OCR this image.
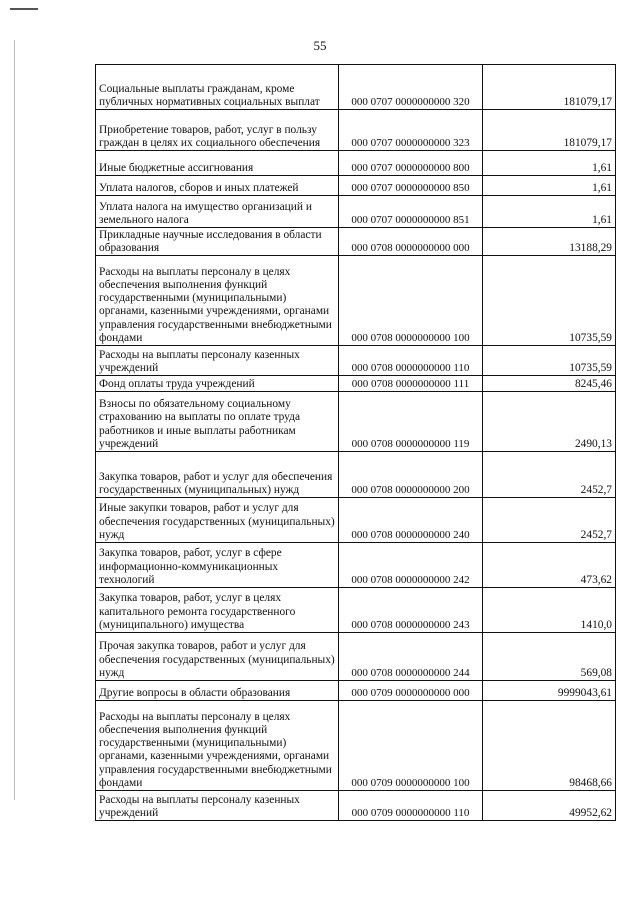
55
Социальные выплаты гражданам, кроме публичных нормативных социальных выплат	000 0707 0000000000 320	181079,17
Приобретение товаров, работ, услуг в пользу граждан в целях их социального обеспечения	000 0707 0000000000 323	181079,17
Иные бюджетные ассигнования	000 0707 0000000000 800	1,61
Уплата налогов, сборов и иных платежей	000 0707 0000000000 850	1,61
Уплата налога на имущество организаций и земельного налога	000 0707 0000000000 851	1,61
Прикладные научные исследования в области образования	000 0708 0000000000 000	13188,29
Расходы на выплаты персоналу в целях обеспечения выполнения функций государственными (муниципальными) органами, казенными учреждениями, органами управления государственными внебюджетными фондами	000 0708 0000000000 100	10735,59
Расходы на выплаты персоналу казенных учреждений	000 0708 0000000000 110	10735,59
Фонд оплаты труда учреждений	000 0708 0000000000 111	8245,46
Взносы по обязательному социальному страхованию на выплаты по оплате труда работников и иные выплаты работникам учреждений	000 0708 0000000000 119	2490,13
Закупка товаров, работ и услуг для обеспечения государственных (муниципальных) нужд	000 0708 0000000000 200	2452,7
Иные закупки товаров, работ и услуг для обеспечения государственных (муниципальных) нужд	000 0708 0000000000 240	2452,7
Закупка товаров, работ, услуг в сфере информационно-коммуникационных технологий	000 0708 0000000000 242	473,62
Закупка товаров, работ, услуг в целях капитального ремонта государственного (муниципального) имущества	000 0708 0000000000 243	1410,0
Прочая закупка товаров, работ и услуг для обеспечения государственных (муниципальных) нужд	000 0708 0000000000 244	569,08
Другие вопросы в области образования	000 0709 0000000000 000	9999043,61
Расходы на выплаты персоналу в целях обеспечения выполнения функций государственными (муниципальными) органами, казенными учреждениями, органами управления государственными внебюджетными фондами	000 0709 0000000000 100	98468,66
Расходы на выплаты персоналу казенных учреждений	000 0709 0000000000 110	49952,62
